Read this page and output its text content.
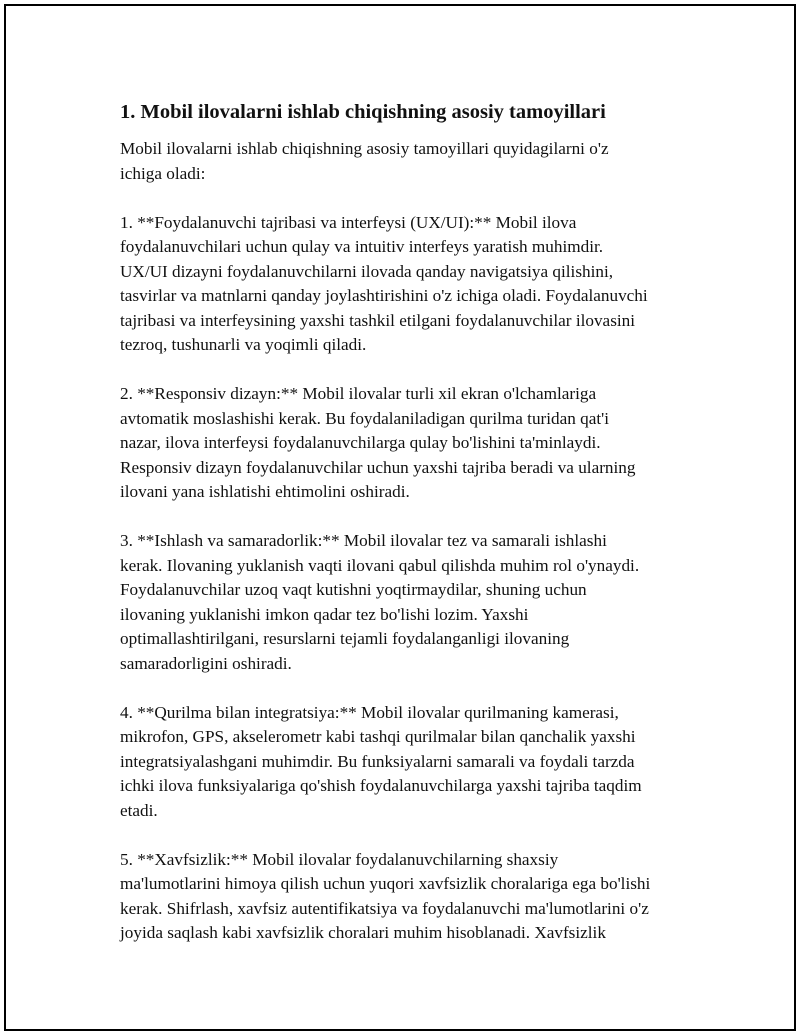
1. Mobil ilovalarni ishlab chiqishning asosiy tamoyillari

Mobil ilovalarni ishlab chiqishning asosiy tamoyillari quyidagilarni o'z
ichiga oladi:

1. **Foydalanuvchi tajribasi va interfeysi (UX/UI):** Mobil ilova
foydalanuvchilari uchun qulay va intuitiv interfeys yaratish muhimdir.
UX/UI dizayni foydalanuvchilarni ilovada qanday navigatsiya qilishini,
tasvirlar va matnlarni qanday joylashtirishini o'z ichiga oladi. Foydalanuvchi
tajribasi va interfeysining yaxshi tashkil etilgani foydalanuvchilar ilovasini
tezroq, tushunarli va yoqimli qiladi.

2. **Responsiv dizayn:** Mobil ilovalar turli xil ekran o'lchamlariga
avtomatik moslashishi kerak. Bu foydalaniladigan qurilma turidan qat'i
nazar, ilova interfeysi foydalanuvchilarga qulay bo'lishini ta'minlaydi.
Responsiv dizayn foydalanuvchilar uchun yaxshi tajriba beradi va ularning
ilovani yana ishlatishi ehtimolini oshiradi.

3. **Ishlash va samaradorlik:** Mobil ilovalar tez va samarali ishlashi
kerak. Ilovaning yuklanish vaqti ilovani qabul qilishda muhim rol o'ynaydi.
Foydalanuvchilar uzoq vaqt kutishni yoqtirmaydilar, shuning uchun
ilovaning yuklanishi imkon qadar tez bo'lishi lozim. Yaxshi
optimallashtirilgani, resurslarni tejamli foydalanganligi ilovaning
samaradorligini oshiradi.

4. **Qurilma bilan integratsiya:** Mobil ilovalar qurilmaning kamerasi,
mikrofon, GPS, akselerometr kabi tashqi qurilmalar bilan qanchalik yaxshi
integratsiyalashgani muhimdir. Bu funksiyalarni samarali va foydali tarzda
ichki ilova funksiyalariga qo'shish foydalanuvchilarga yaxshi tajriba taqdim
etadi.

5. **Xavfsizlik:** Mobil ilovalar foydalanuvchilarning shaxsiy
ma'lumotlarini himoya qilish uchun yuqori xavfsizlik choralariga ega bo'lishi
kerak. Shifrlash, xavfsiz autentifikatsiya va foydalanuvchi ma'lumotlarini o'z
joyida saqlash kabi xavfsizlik choralari muhim hisoblanadi. Xavfsizlik
